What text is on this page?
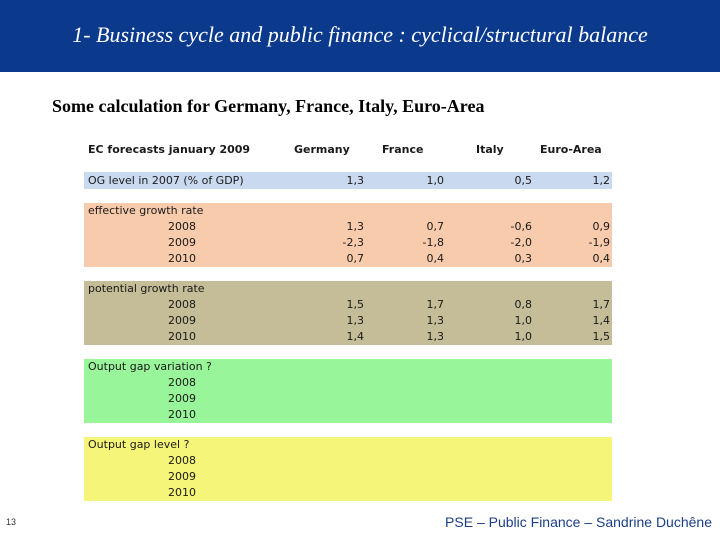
1- Business cycle and public finance : cyclical/structural balance
Some calculation for Germany, France, Italy, Euro-Area
EC forecasts january 2009	Germany	France	Italy	Euro-Area
OG level in 2007 (% of GDP)	1,3	1,0	0,5	1,2
effective growth rate
2008	1,3	0,7	-0,6	0,9
2009	-2,3	-1,8	-2,0	-1,9
2010	0,7	0,4	0,3	0,4
potential growth rate
2008	1,5	1,7	0,8	1,7
2009	1,3	1,3	1,0	1,4
2010	1,4	1,3	1,0	1,5
Output gap variation ?
2008
2009
2010
Output gap level ?
2008
2009
2010
13	PSE – Public Finance – Sandrine Duchêne
